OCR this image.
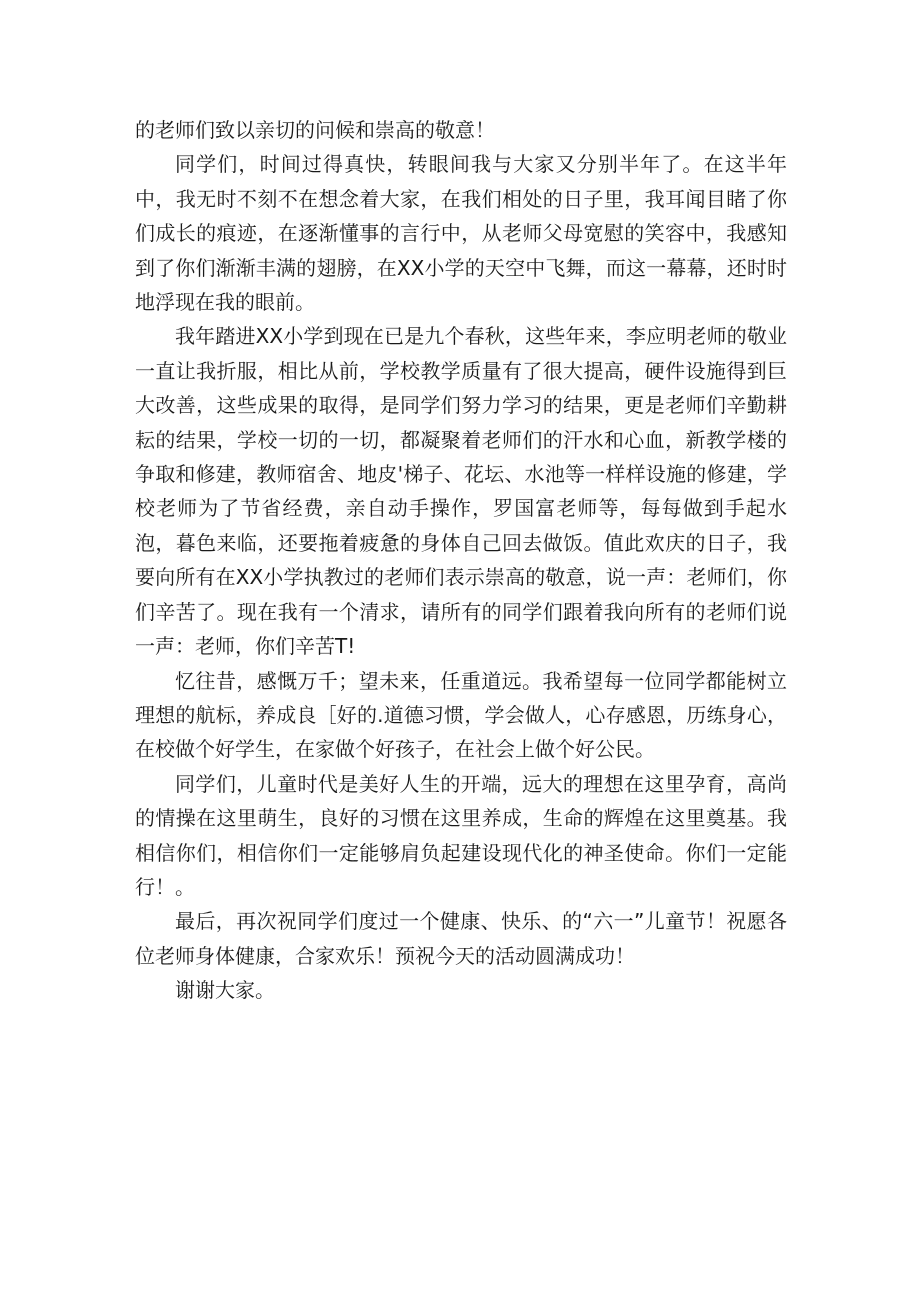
的老师们致以亲切的问候和崇高的敬意！

同学们，时间过得真快，转眼间我与大家又分别半年了。在这半年中，我无时不刻不在想念着大家，在我们相处的日子里，我耳闻目睹了你们成长的痕迹，在逐渐懂事的言行中，从老师父母宽慰的笑容中，我感知到了你们渐渐丰满的翅膀，在XX小学的天空中飞舞，而这一幕幕，还时时地浮现在我的眼前。

我年踏进XX小学到现在已是九个春秋，这些年来，李应明老师的敬业一直让我折服，相比从前，学校教学质量有了很大提高，硬件设施得到巨大改善，这些成果的取得，是同学们努力学习的结果，更是老师们辛勤耕耘的结果，学校一切的一切，都凝聚着老师们的汗水和心血，新教学楼的争取和修建，教师宿舍、地皮'梯子、花坛、水池等一样样设施的修建，学校老师为了节省经费，亲自动手操作，罗国富老师等，每每做到手起水泡，暮色来临，还要拖着疲惫的身体自己回去做饭。值此欢庆的日子，我要向所有在XX小学执教过的老师们表示崇高的敬意，说一声：老师们，你们辛苦了。现在我有一个清求，请所有的同学们跟着我向所有的老师们说一声：老师，你们辛苦T!

忆往昔，感慨万千；望未来，任重道远。我希望每一位同学都能树立理想的航标，养成良［好的.道德习惯，学会做人，心存感恩，历练身心，在校做个好学生，在家做个好孩子，在社会上做个好公民。

同学们，儿童时代是美好人生的开端，远大的理想在这里孕育，高尚的情操在这里萌生，良好的习惯在这里养成，生命的辉煌在这里奠基。我相信你们，相信你们一定能够肩负起建设现代化的神圣使命。你们一定能行！。

最后，再次祝同学们度过一个健康、快乐、的“六一”儿童节！祝愿各位老师身体健康，合家欢乐！预祝今天的活动圆满成功！

谢谢大家。
